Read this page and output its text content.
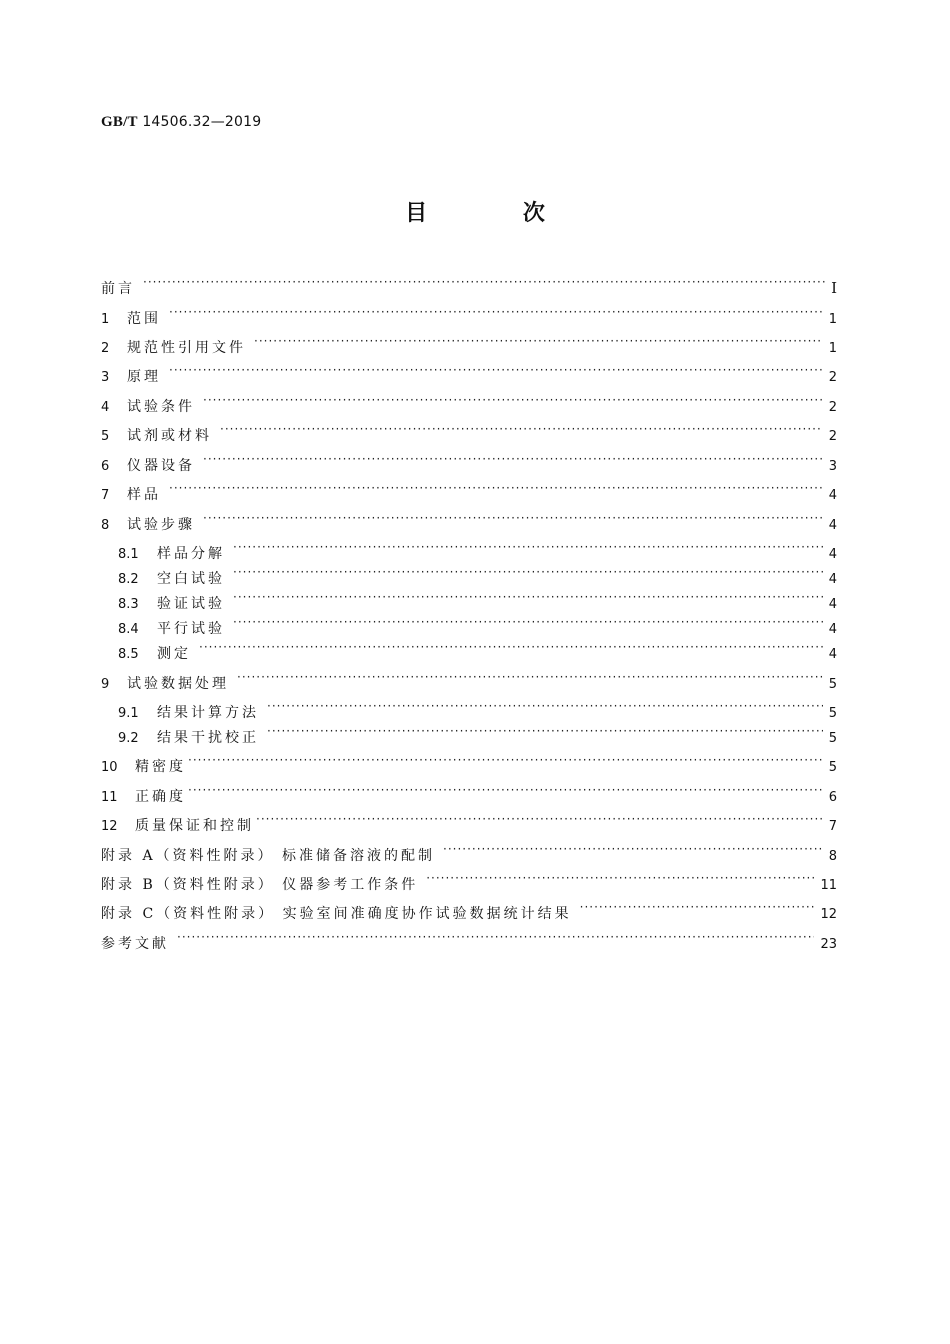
GB/T 14506.32—2019
目 次
前言 ·····	I
1	范围 ·····	1
2	规范性引用文件 ·····	1
3	原理 ·····	2
4	试验条件 ·····	2
5	试剂或材料 ·····	2
6	仪器设备 ·····	3
7	样品 ·····	4
8	试验步骤 ·····	4
8.1	样品分解 ·····	4
8.2	空白试验 ·····	4
8.3	验证试验 ·····	4
8.4	平行试验 ·····	4
8.5	测定 ·····	4
9	试验数据处理 ·····	5
9.1	结果计算方法 ·····	5
9.2	结果干扰校正 ·····	5
10	精密度 ·····	5
11	正确度 ·····	6
12	质量保证和控制 ·····	7
附录 A（资料性附录） 标准储备溶液的配制 ·····	8
附录 B（资料性附录） 仪器参考工作条件 ·····	11
附录 C（资料性附录） 实验室间准确度协作试验数据统计结果 ·····	12
参考文献 ·····	23
